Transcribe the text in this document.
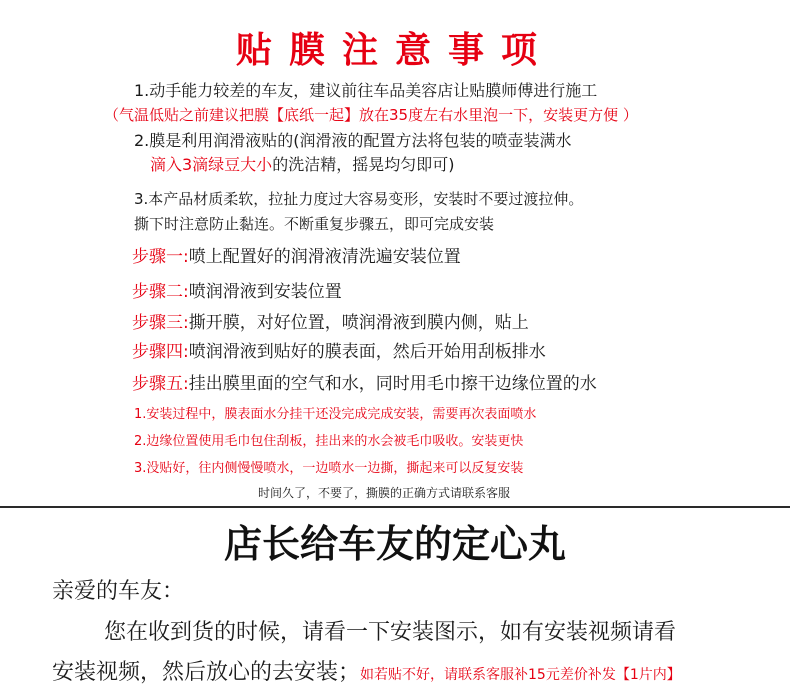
贴膜注意事项
1.动手能力较差的车友，建议前往车品美容店让贴膜师傅进行施工
（气温低贴之前建议把膜【底纸一起】放在35度左右水里泡一下，安装更方便 ）
2.膜是利用润滑液贴的(润滑液的配置方法将包装的喷壶装满水
滴入3滴绿豆大小的洗洁精，摇晃均匀即可)
3.本产品材质柔软，拉扯力度过大容易变形，安装时不要过渡拉伸。
撕下时注意防止黏连。不断重复步骤五，即可完成安装
步骤一:喷上配置好的润滑液清洗遍安装位置
步骤二:喷润滑液到安装位置
步骤三:撕开膜，对好位置，喷润滑液到膜内侧，贴上
步骤四:喷润滑液到贴好的膜表面，然后开始用刮板排水
步骤五:挂出膜里面的空气和水，同时用毛巾擦干边缘位置的水
1.安装过程中，膜表面水分挂干还没完成完成安装，需要再次表面喷水
2.边缘位置使用毛巾包住刮板，挂出来的水会被毛巾吸收。安装更快
3.没贴好，往内侧慢慢喷水，一边喷水一边撕，撕起来可以反复安装
时间久了，不要了，撕膜的正确方式请联系客服
店长给车友的定心丸
亲爱的车友：
您在收到货的时候，请看一下安装图示，如有安装视频请看
安装视频，然后放心的去安装；如若贴不好，请联系客服补15元差价补发【1片内】
